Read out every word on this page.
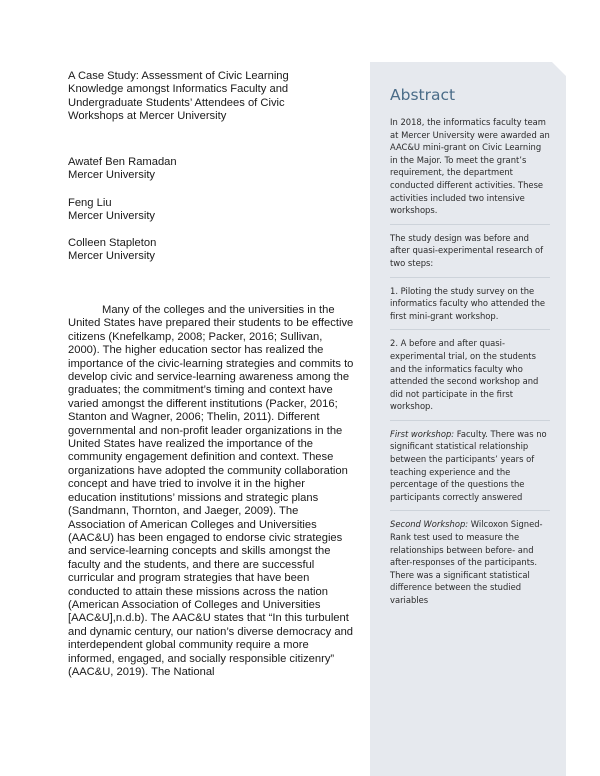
A Case Study: Assessment of Civic Learning Knowledge amongst Informatics Faculty and Undergraduate Students’ Attendees of Civic Workshops at Mercer University
Awatef Ben Ramadan
Mercer University
Feng Liu
Mercer University
Colleen Stapleton
Mercer University
Many of the colleges and the universities in the United States have prepared their students to be effective citizens (Knefelkamp, 2008; Packer, 2016; Sullivan, 2000). The higher education sector has realized the importance of the civic-learning strategies and commits to develop civic and service-learning awareness among the graduates; the commitment’s timing and context have varied amongst the different institutions (Packer, 2016; Stanton and Wagner, 2006; Thelin, 2011). Different governmental and non-profit leader organizations in the United States have realized the importance of the community engagement definition and context. These organizations have adopted the community collaboration concept and have tried to involve it in the higher education institutions’ missions and strategic plans (Sandmann, Thornton, and Jaeger, 2009). The Association of American Colleges and Universities (AAC&U) has been engaged to endorse civic strategies and service-learning concepts and skills amongst the faculty and the students, and there are successful curricular and program strategies that have been conducted to attain these missions across the nation (American Association of Colleges and Universities [AAC&U],n.d.b). The AAC&U states that “In this turbulent and dynamic century, our nation’s diverse democracy and interdependent global community require a more informed, engaged, and socially responsible citizenry” (AAC&U, 2019). The National
Abstract

In 2018, the informatics faculty team at Mercer University were awarded an AAC&U mini-grant on Civic Learning in the Major. To meet the grant’s requirement, the department conducted different activities. These activities included two intensive workshops.

The study design was before and after quasi-experimental research of two steps:

1. Piloting the study survey on the informatics faculty who attended the first mini-grant workshop.

2. A before and after quasi-experimental trial, on the students and the informatics faculty who attended the second workshop and did not participate in the first workshop.

First workshop: Faculty. There was no significant statistical relationship between the participants’ years of teaching experience and the percentage of the questions the participants correctly answered

Second Workshop: Wilcoxon Signed-Rank test used to measure the relationships between before- and after-responses of the participants. There was a significant statistical difference between the studied variables
